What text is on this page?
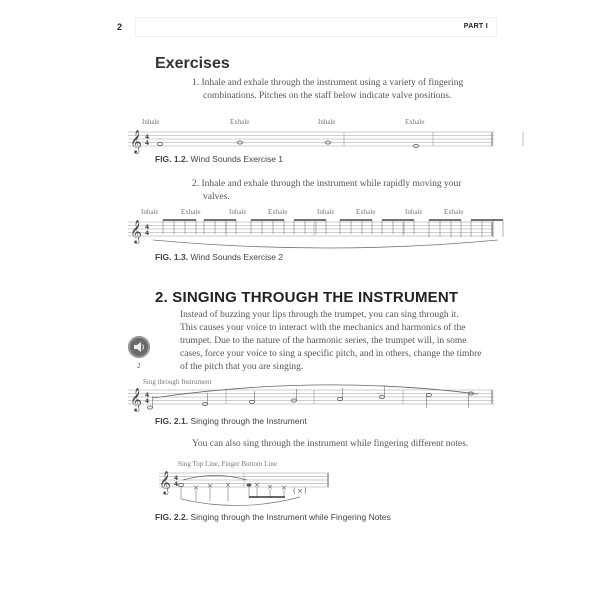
2	PART I
Exercises
1. Inhale and exhale through the instrument using a variety of fingering
combinations. Pitches on the staff below indicate valve positions.
Inhale	Exhale	Inhale	Exhale
𝄞 4
4
FIG. 1.2. Wind Sounds Exercise 1
2. Inhale and exhale through the instrument while rapidly moving your
valves.
Inhale	Exhale	Inhale	Exhale	Inhale	Exhale	Inhale	Exhale
𝄞 4
4
FIG. 1.3. Wind Sounds Exercise 2
2. SINGING THROUGH THE INSTRUMENT
Instead of buzzing your lips through the trumpet, you can sing through it.
This causes your voice to interact with the mechanics and harmonics of the
trumpet. Due to the nature of the harmonic series, the trumpet will, in some
cases, force your voice to sing a specific pitch, and in others, change the timbre
of the pitch that you are singing.
2
Sing through Instrument
𝄞 4
4
FIG. 2.1. Singing through the Instrument
You can also sing through the instrument while fingering different notes.
Sing Top Line, Finger Bottom Line
𝄞 4
4 × × ×	× × × ( × )
FIG. 2.2. Singing through the Instrument while Fingering Notes
